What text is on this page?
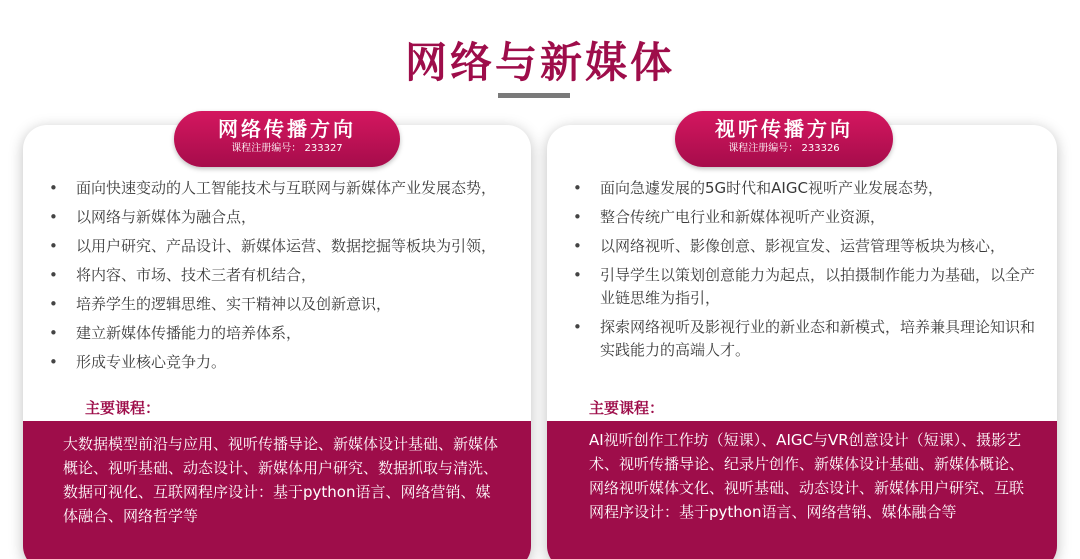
网络与新媒体
• 面向快速变动的人工智能技术与互联网与新媒体产业发展态势，
• 以网络与新媒体为融合点，
• 以用户研究、产品设计、新媒体运营、数据挖掘等板块为引领，
• 将内容、市场、技术三者有机结合，
• 培养学生的逻辑思维、实干精神以及创新意识，
• 建立新媒体传播能力的培养体系，
• 形成专业核心竞争力。
主要课程：
大数据模型前沿与应用、视听传播导论、新媒体设计基础、新媒体概论、视听基础、动态设计、新媒体用户研究、数据抓取与清洗、数据可视化、互联网程序设计：基于python语言、网络营销、媒体融合、网络哲学等
网络传播方向
课程注册编号： 233327
• 面向急遽发展的5G时代和AIGC视听产业发展态势，
• 整合传统广电行业和新媒体视听产业资源，
• 以网络视听、影像创意、影视宣发、运营管理等板块为核心，
• 引导学生以策划创意能力为起点，以拍摄制作能力为基础，以全产业链思维为指引，
• 探索网络视听及影视行业的新业态和新模式，培养兼具理论知识和实践能力的高端人才。
主要课程：
AI视听创作工作坊（短课）、AIGC与VR创意设计（短课）、摄影艺术、视听传播导论、纪录片创作、新媒体设计基础、新媒体概论、网络视听媒体文化、视听基础、动态设计、新媒体用户研究、互联网程序设计：基于python语言、网络营销、媒体融合等
视听传播方向
课程注册编号： 233326
